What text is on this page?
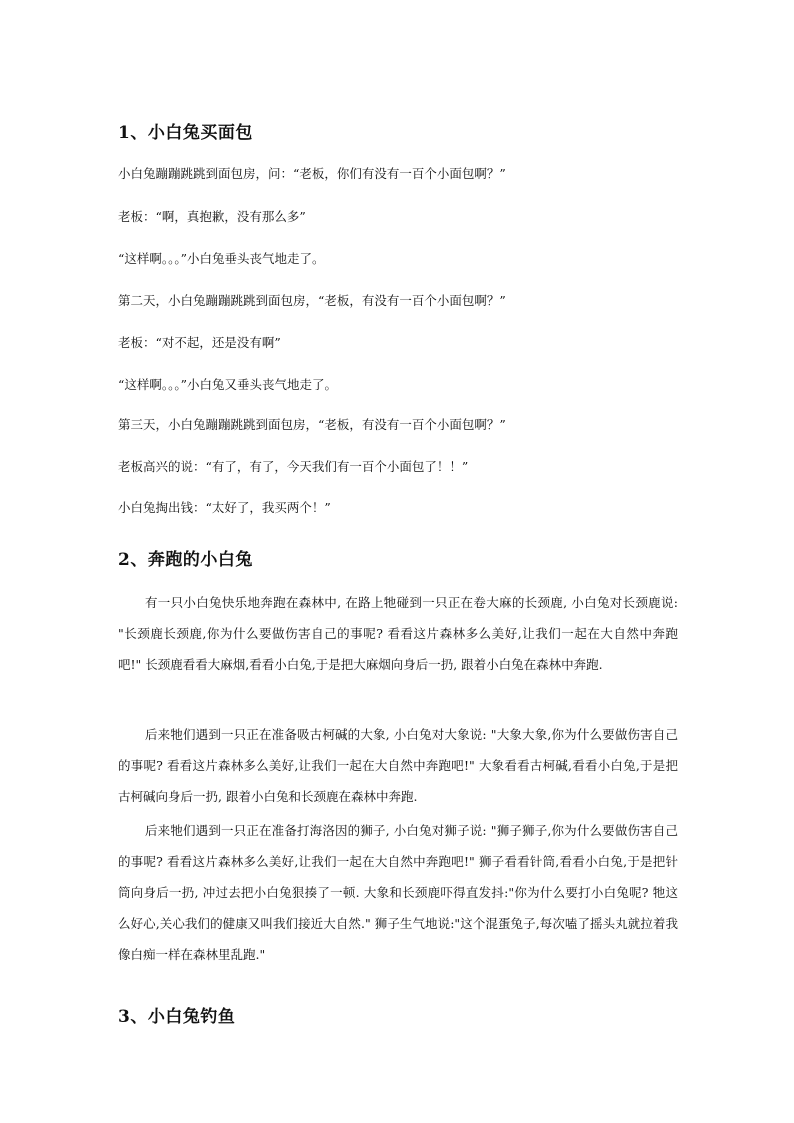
1、小白兔买面包

小白兔蹦蹦跳跳到面包房，问：“老板，你们有没有一百个小面包啊？”

老板：“啊，真抱歉，没有那么多”

“这样啊。。。”小白兔垂头丧气地走了。

第二天，小白兔蹦蹦跳跳到面包房，“老板，有没有一百个小面包啊？”

老板：“对不起，还是没有啊”

“这样啊。。。”小白兔又垂头丧气地走了。

第三天，小白兔蹦蹦跳跳到面包房，“老板，有没有一百个小面包啊？”

老板高兴的说：“有了，有了，今天我们有一百个小面包了！！”

小白兔掏出钱：“太好了，我买两个！”

2、奔跑的小白兔

有一只小白兔快乐地奔跑在森林中, 在路上牠碰到一只正在卷大麻的长颈鹿, 小白兔对长颈鹿说: "长颈鹿长颈鹿,你为什么要做伤害自己的事呢? 看看这片森林多么美好,让我们一起在大自然中奔跑吧!" 长颈鹿看看大麻烟,看看小白兔,于是把大麻烟向身后一扔, 跟着小白兔在森林中奔跑.

后来牠们遇到一只正在准备吸古柯碱的大象, 小白兔对大象说: "大象大象,你为什么要做伤害自己的事呢? 看看这片森林多么美好,让我们一起在大自然中奔跑吧!" 大象看看古柯碱,看看小白兔,于是把古柯碱向身后一扔, 跟着小白兔和长颈鹿在森林中奔跑.

后来牠们遇到一只正在准备打海洛因的狮子, 小白兔对狮子说: "狮子狮子,你为什么要做伤害自己的事呢? 看看这片森林多么美好,让我们一起在大自然中奔跑吧!" 狮子看看针筒,看看小白兔,于是把针筒向身后一扔, 冲过去把小白兔狠揍了一顿. 大象和长颈鹿吓得直发抖:"你为什么要打小白兔呢? 牠这么好心,关心我们的健康又叫我们接近大自然." 狮子生气地说:"这个混蛋兔子,每次嗑了摇头丸就拉着我 像白痴一样在森林里乱跑."

3、小白兔钓鱼
